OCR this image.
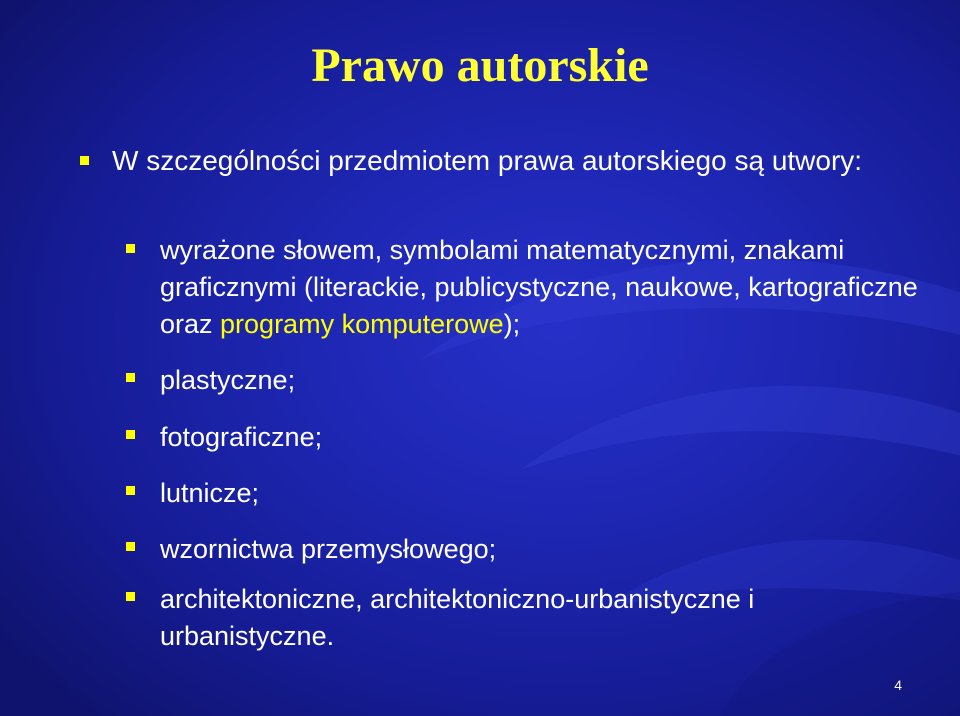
Prawo autorskie

W szczególności przedmiotem prawa autorskiego są utwory:

wyrażone słowem, symbolami matematycznymi, znakami graficznymi (literackie, publicystyczne, naukowe, kartograficzne oraz programy komputerowe);

plastyczne;

fotograficzne;

lutnicze;

wzornictwa przemysłowego;

architektoniczne, architektoniczno-urbanistyczne i urbanistyczne.

4
